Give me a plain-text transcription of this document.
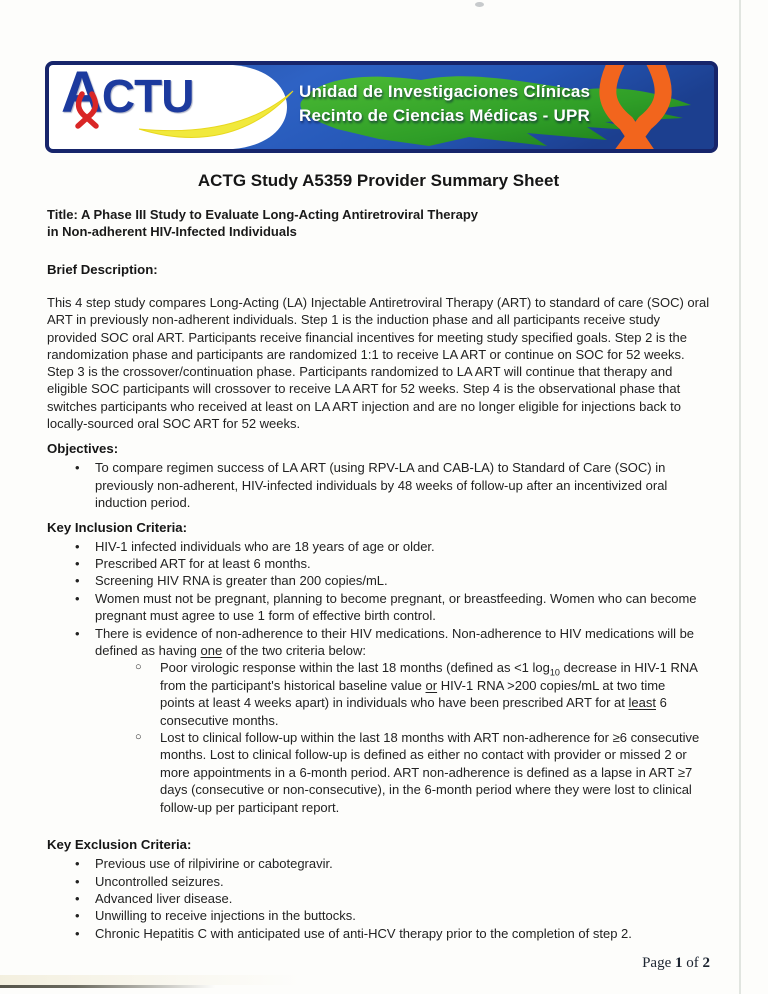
ACTU	Unidad de Investigaciones Clínicas
Recinto de Ciencias Médicas - UPR
ACTG Study A5359 Provider Summary Sheet
Title: A Phase III Study to Evaluate Long-Acting Antiretroviral Therapy
in Non-adherent HIV-Infected Individuals
Brief Description:
This 4 step study compares Long-Acting (LA) Injectable Antiretroviral Therapy (ART) to standard of care (SOC) oral ART in previously non-adherent individuals. Step 1 is the induction phase and all participants receive study provided SOC oral ART. Participants receive financial incentives for meeting study specified goals. Step 2 is the randomization phase and participants are randomized 1:1 to receive LA ART or continue on SOC for 52 weeks. Step 3 is the crossover/continuation phase. Participants randomized to LA ART will continue that therapy and eligible SOC participants will crossover to receive LA ART for 52 weeks. Step 4 is the observational phase that switches participants who received at least on LA ART injection and are no longer eligible for injections back to locally-sourced oral SOC ART for 52 weeks.
Objectives:
•	To compare regimen success of LA ART (using RPV-LA and CAB-LA) to Standard of Care (SOC) in previously non-adherent, HIV-infected individuals by 48 weeks of follow-up after an incentivized oral induction period.
Key Inclusion Criteria:
•	HIV-1 infected individuals who are 18 years of age or older.
•	Prescribed ART for at least 6 months.
•	Screening HIV RNA is greater than 200 copies/mL.
•	Women must not be pregnant, planning to become pregnant, or breastfeeding. Women who can become pregnant must agree to use 1 form of effective birth control.
•	There is evidence of non-adherence to their HIV medications. Non-adherence to HIV medications will be defined as having one of the two criteria below:
○	Poor virologic response within the last 18 months (defined as <1 $\log_{10}$ decrease in HIV-1 RNA from the participant's historical baseline value or HIV-1 RNA >200 copies/mL at two time points at least 4 weeks apart) in individuals who have been prescribed ART for at least 6 consecutive months.
○	Lost to clinical follow-up within the last 18 months with ART non-adherence for ≥6 consecutive months. Lost to clinical follow-up is defined as either no contact with provider or missed 2 or more appointments in a 6-month period. ART non-adherence is defined as a lapse in ART ≥7 days (consecutive or non-consecutive), in the 6-month period where they were lost to clinical follow-up per participant report.
Key Exclusion Criteria:
•	Previous use of rilpivirine or cabotegravir.
•	Uncontrolled seizures.
•	Advanced liver disease.
•	Unwilling to receive injections in the buttocks.
•	Chronic Hepatitis C with anticipated use of anti-HCV therapy prior to the completion of step 2.
Page 1 of 2
